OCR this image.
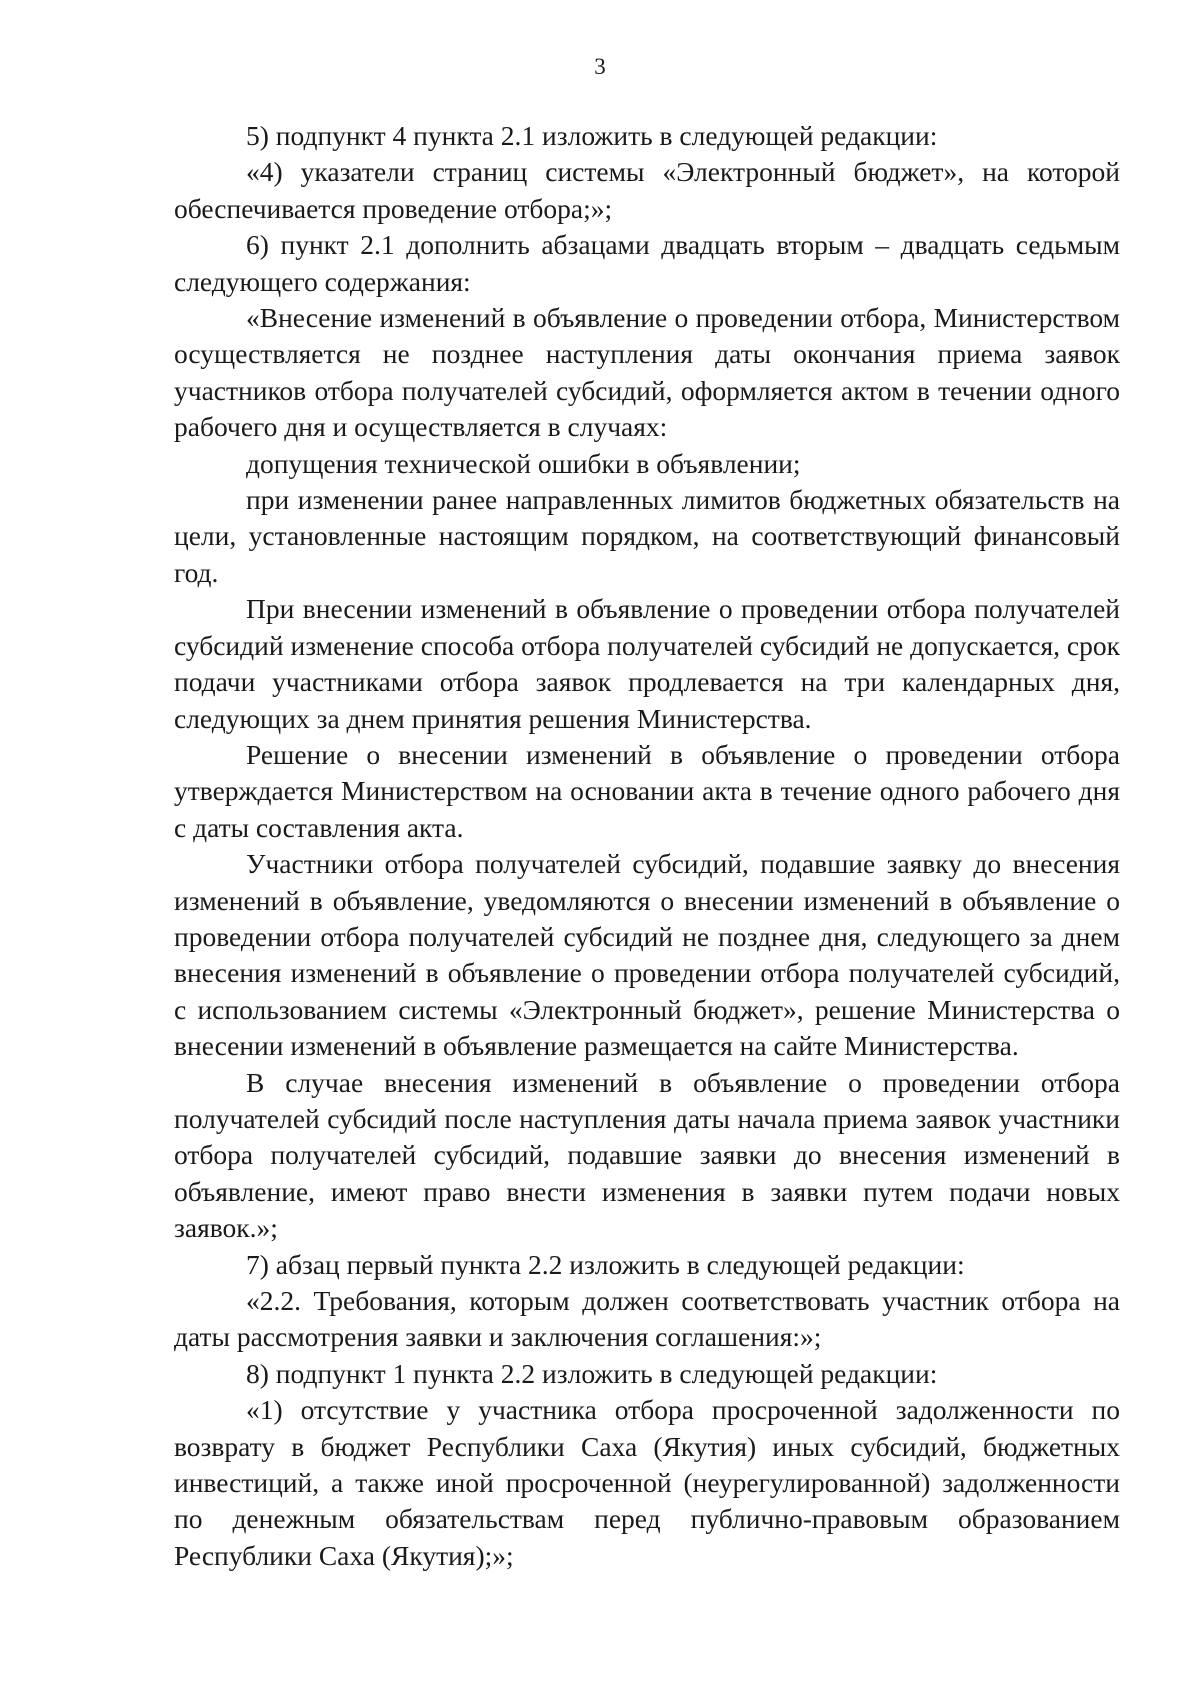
3

5) подпункт 4 пункта 2.1 изложить в следующей редакции:

«4) указатели страниц системы «Электронный бюджет», на которой обеспечивается проведение отбора;»;

6) пункт 2.1 дополнить абзацами двадцать вторым – двадцать седьмым следующего содержания:

«Внесение изменений в объявление о проведении отбора, Министерством осуществляется не позднее наступления даты окончания приема заявок участников отбора получателей субсидий, оформляется актом в течении одного рабочего дня и осуществляется в случаях:

допущения технической ошибки в объявлении;

при изменении ранее направленных лимитов бюджетных обязательств на цели, установленные настоящим порядком, на соответствующий финансовый год.

При внесении изменений в объявление о проведении отбора получателей субсидий изменение способа отбора получателей субсидий не допускается, срок подачи участниками отбора заявок продлевается на три календарных дня, следующих за днем принятия решения Министерства.

Решение о внесении изменений в объявление о проведении отбора утверждается Министерством на основании акта в течение одного рабочего дня с даты составления акта.

Участники отбора получателей субсидий, подавшие заявку до внесения изменений в объявление, уведомляются о внесении изменений в объявление о проведении отбора получателей субсидий не позднее дня, следующего за днем внесения изменений в объявление о проведении отбора получателей субсидий, с использованием системы «Электронный бюджет», решение Министерства о внесении изменений в объявление размещается на сайте Министерства.

В случае внесения изменений в объявление о проведении отбора получателей субсидий после наступления даты начала приема заявок участники отбора получателей субсидий, подавшие заявки до внесения изменений в объявление, имеют право внести изменения в заявки путем подачи новых заявок.»;

7) абзац первый пункта 2.2 изложить в следующей редакции:

«2.2. Требования, которым должен соответствовать участник отбора на даты рассмотрения заявки и заключения соглашения:»;

8) подпункт 1 пункта 2.2 изложить в следующей редакции:

«1) отсутствие у участника отбора просроченной задолженности по возврату в бюджет Республики Саха (Якутия) иных субсидий, бюджетных инвестиций, а также иной просроченной (неурегулированной) задолженности по денежным обязательствам перед публично-правовым образованием Республики Саха (Якутия);»;
